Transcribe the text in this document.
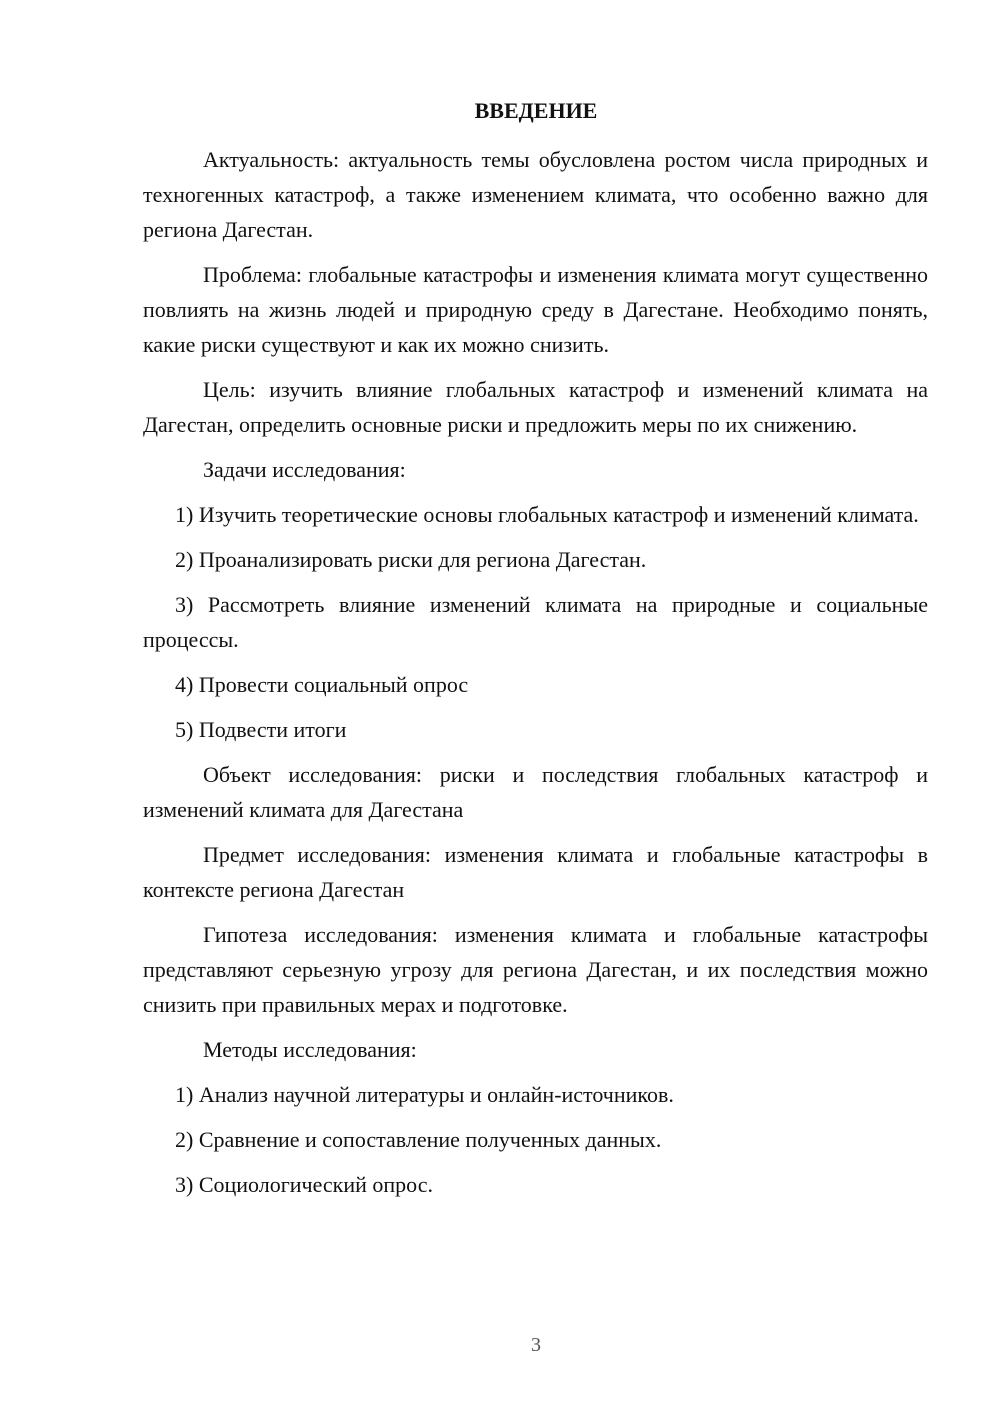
ВВЕДЕНИЕ

Актуальность: актуальность темы обусловлена ростом числа природных и техногенных катастроф, а также изменением климата, что особенно важно для региона Дагестан.

Проблема: глобальные катастрофы и изменения климата могут существенно повлиять на жизнь людей и природную среду в Дагестане. Необходимо понять, какие риски существуют и как их можно снизить.

Цель: изучить влияние глобальных катастроф и изменений климата на Дагестан, определить основные риски и предложить меры по их снижению.

Задачи исследования:

1) Изучить теоретические основы глобальных катастроф и изменений климата.

2) Проанализировать риски для региона Дагестан.

3) Рассмотреть влияние изменений климата на природные и социальные процессы.

4) Провести социальный опрос

5) Подвести итоги

Объект исследования: риски и последствия глобальных катастроф и изменений климата для Дагестана

Предмет исследования: изменения климата и глобальные катастрофы в контексте региона Дагестан

Гипотеза исследования: изменения климата и глобальные катастрофы представляют серьезную угрозу для региона Дагестан, и их последствия можно снизить при правильных мерах и подготовке.

Методы исследования:

1) Анализ научной литературы и онлайн-источников.

2) Сравнение и сопоставление полученных данных.

3) Социологический опрос.

3
